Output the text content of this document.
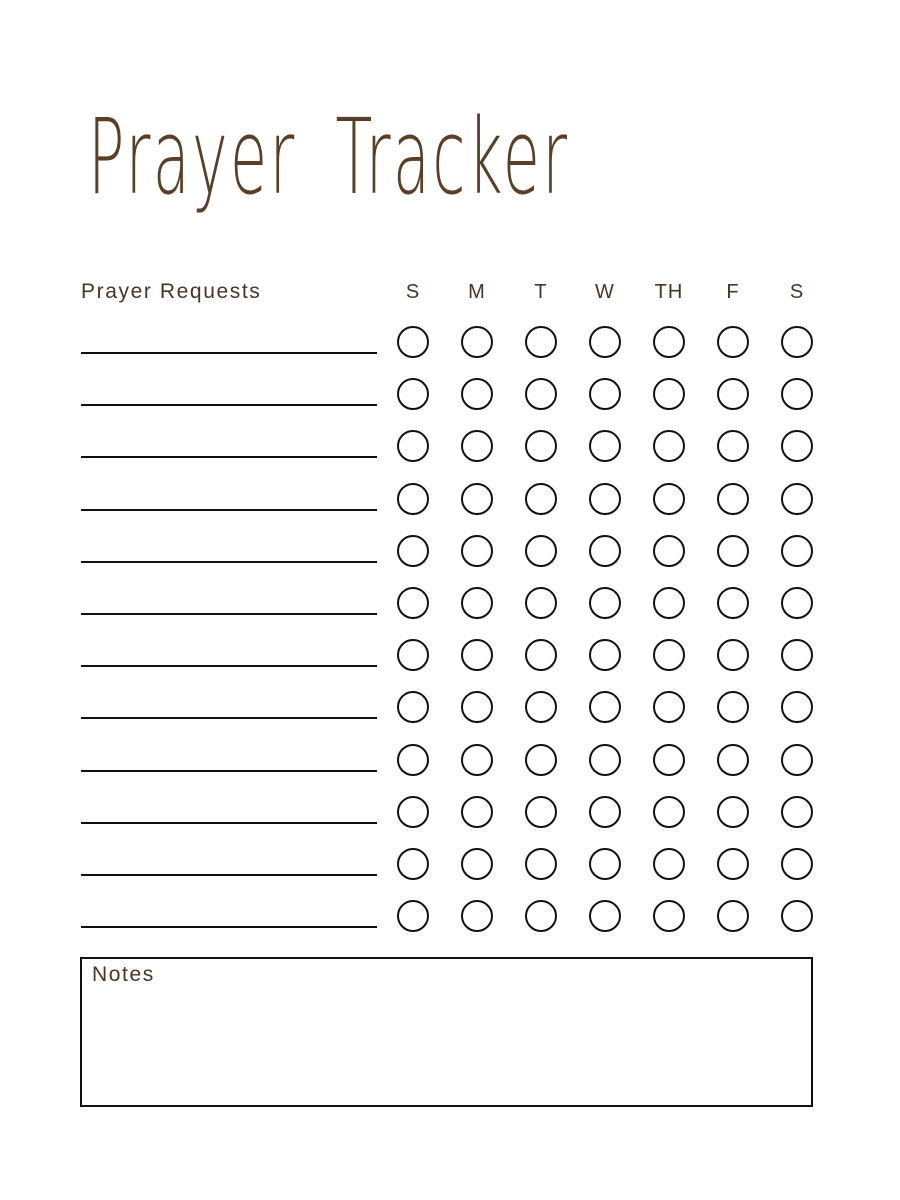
Prayer Tracker
Prayer Requests	S	M	T	W	TH	F	S
Notes
